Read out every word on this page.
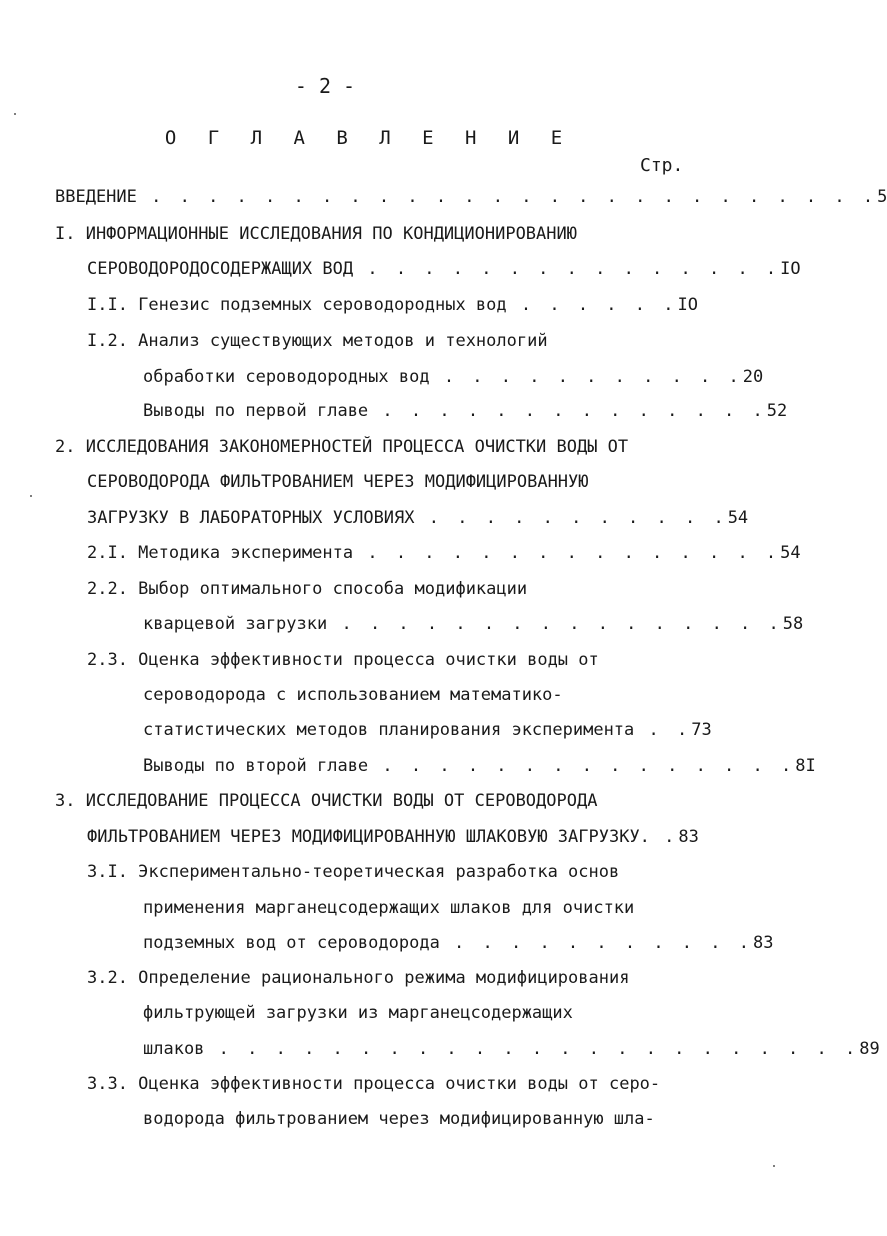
- 2 -
О Г Л А В Л Е Н И Е
Стр.
ВВЕДЕНИЕ . . . . . . . . . . . . . . . . . . . . . . . . . .5
I. ИНФОРМАЦИОННЫЕ ИССЛЕДОВАНИЯ ПО КОНДИЦИОНИРОВАНИЮ
СЕРОВОДОРОДОСОДЕРЖАЩИХ ВОД . . . . . . . . . . . . . . .IO
I.I. Генезис подземных сероводородных вод . . . . . .IO
I.2. Анализ существующих методов и технологий
обработки сероводородных вод . . . . . . . . . . .20
Выводы по первой главе . . . . . . . . . . . . . .52
2. ИССЛЕДОВАНИЯ ЗАКОНОМЕРНОСТЕЙ ПРОЦЕССА ОЧИСТКИ ВОДЫ ОТ
СЕРОВОДОРОДА ФИЛЬТРОВАНИЕМ ЧЕРЕЗ МОДИФИЦИРОВАННУЮ
ЗАГРУЗКУ В ЛАБОРАТОРНЫХ УСЛОВИЯХ . . . . . . . . . . .54
2.I. Методика эксперимента . . . . . . . . . . . . . . .54
2.2. Выбор оптимального способа модификации
кварцевой загрузки . . . . . . . . . . . . . . . .58
2.3. Оценка эффективности процесса очистки воды от
сероводорода с использованием математико-
статистических методов планирования эксперимента . .73
Выводы по второй главе . . . . . . . . . . . . . . .8I
3. ИССЛЕДОВАНИЕ ПРОЦЕССА ОЧИСТКИ ВОДЫ ОТ СЕРОВОДОРОДА
ФИЛЬТРОВАНИЕМ ЧЕРЕЗ МОДИФИЦИРОВАННУЮ ШЛАКОВУЮ ЗАГРУЗКУ. .83
3.I. Экспериментально-теоретическая разработка основ
применения марганецсодержащих шлаков для очистки
подземных вод от сероводорода . . . . . . . . . . .83
3.2. Определение рационального режима модифицирования
фильтрующей загрузки из марганецсодержащих
шлаков . . . . . . . . . . . . . . . . . . . . . . .89
3.3. Оценка эффективности процесса очистки воды от серо-
водорода фильтрованием через модифицированную шла-
